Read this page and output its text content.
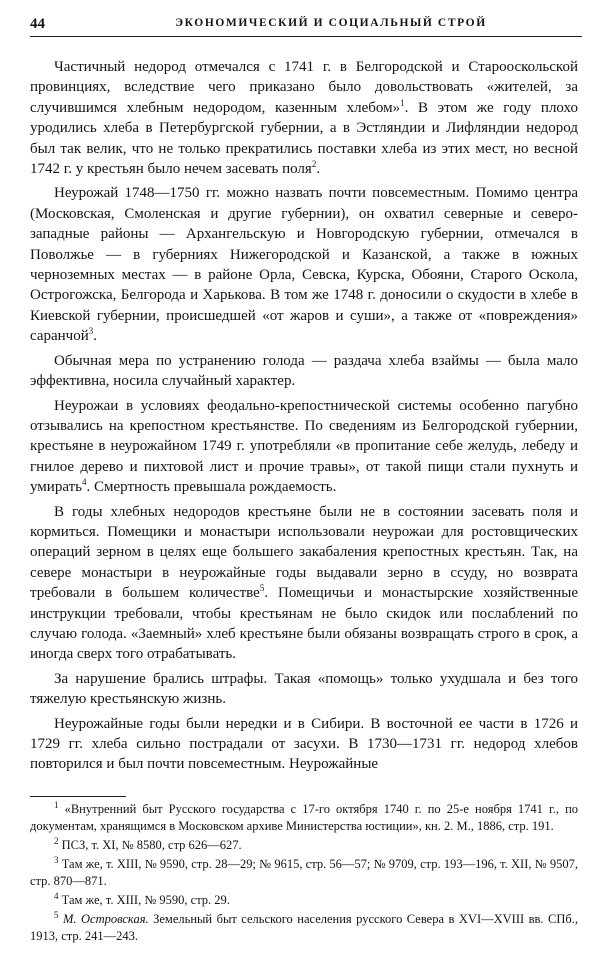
44	ЭКОНОМИЧЕСКИЙ И СОЦИАЛЬНЫЙ СТРОЙ

Частичный недород отмечался с 1741 г. в Белгородской и Старооскольской провинциях, вследствие чего приказано было довольствовать «жителей, за случившимся хлебным недородом, казенным хлебом»$^1$. В этом же году плохо уродились хлеба в Петербургской губернии, а в Эстляндии и Лифляндии недород был так велик, что не только прекратились поставки хлеба из этих мест, но весной 1742 г. у крестьян было нечем засевать поля$^2$.

Неурожай 1748—1750 гг. можно назвать почти повсеместным. Помимо центра (Московская, Смоленская и другие губернии), он охватил северные и северо-западные районы — Архангельскую и Новгородскую губернии, отмечался в Поволжье — в губерниях Нижегородской и Казанской, а также в южных черноземных местах — в районе Орла, Севска, Курска, Обояни, Старого Оскола, Острогожска, Белгорода и Харькова. В том же 1748 г. доносили о скудости в хлебе в Киевской губернии, происшедшей «от жаров и суши», а также от «повреждения» саранчой$^3$.

Обычная мера по устранению голода — раздача хлеба взаймы — была мало эффективна, носила случайный характер.

Неурожаи в условиях феодально-крепостнической системы особенно пагубно отзывались на крепостном крестьянстве. По сведениям из Белгородской губернии, крестьяне в неурожайном 1749 г. употребляли «в пропитание себе желудь, лебеду и гнилое дерево и пихтовой лист и прочие травы», от такой пищи стали пухнуть и умирать$^4$. Смертность превышала рождаемость.

В годы хлебных недородов крестьяне были не в состоянии засевать поля и кормиться. Помещики и монастыри использовали неурожаи для ростовщических операций зерном в целях еще большего закабаления крепостных крестьян. Так, на севере монастыри в неурожайные годы выдавали зерно в ссуду, но возврата требовали в большем количестве$^5$. Помещичьи и монастырские хозяйственные инструкции требовали, чтобы крестьянам не было скидок или послаблений по случаю голода. «Заемный» хлеб крестьяне были обязаны возвращать строго в срок, а иногда сверх того отрабатывать.

За нарушение брались штрафы. Такая «помощь» только ухудшала и без того тяжелую крестьянскую жизнь.

Неурожайные годы были нередки и в Сибири. В восточной ее части в 1726 и 1729 гг. хлеба сильно пострадали от засухи. В 1730—1731 гг. недород хлебов повторился и был почти повсеместным. Неурожайные

$^1$ «Внутренний быт Русского государства с 17-го октября 1740 г. по 25-е ноября 1741 г., по документам, хранящимся в Московском архиве Министерства юстиции», кн. 2. М., 1886, стр. 191.

$^2$ ПСЗ, т. XI, № 8580, стр 626—627.

$^3$ Там же, т. XIII, № 9590, стр. 28—29; № 9615, стр. 56—57; № 9709, стр. 193—196, т. XII, № 9507, стр. 870—871.

$^4$ Там же, т. XIII, № 9590, стр. 29.

$^5$ М. Островская. Земельный быт сельского населения русского Севера в XVI—XVIII вв. СПб., 1913, стр. 241—243.
